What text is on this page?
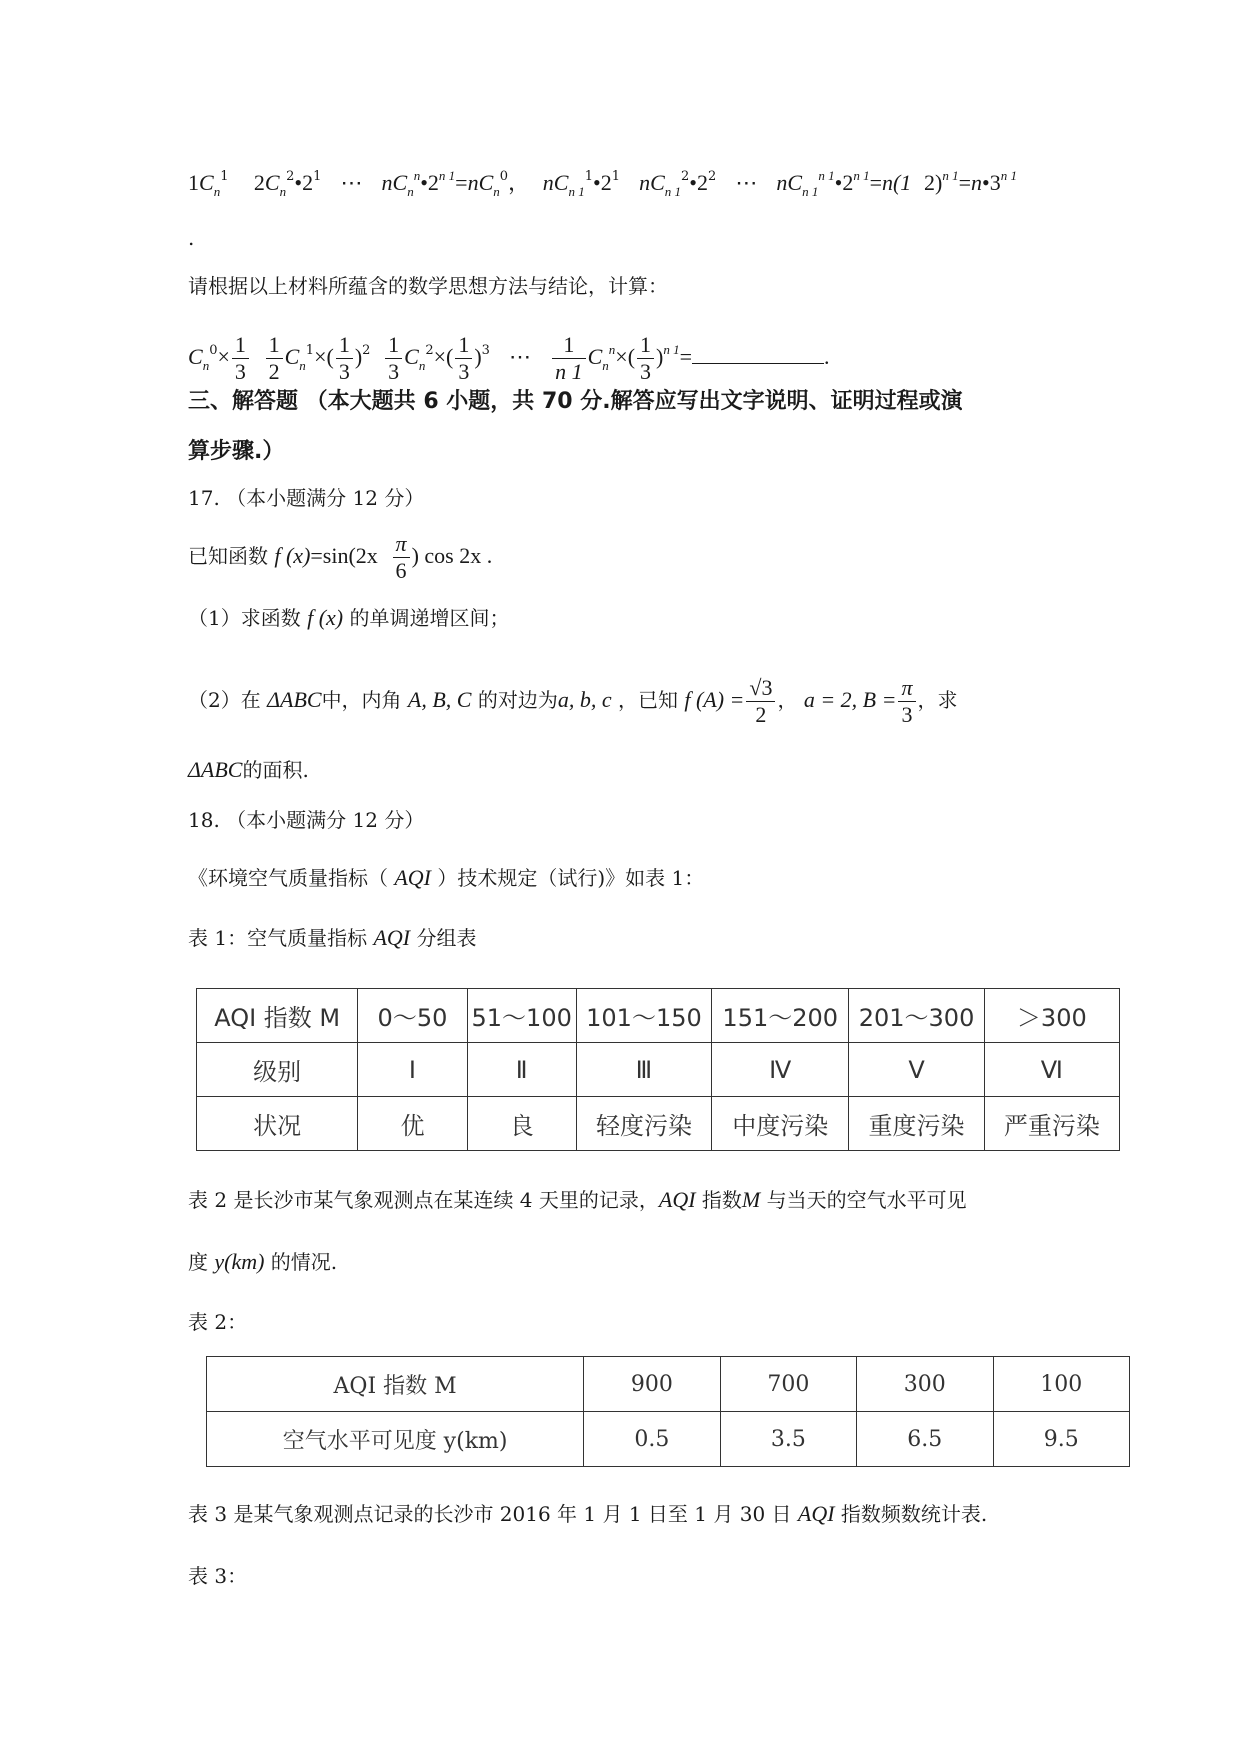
$1C_n^1$ $2C_n^2•2^1$ ⋯ $nC_n^n•2^{n 1}=nC_n^0$， $nC_{n 1}^1•2^1$ $nC_{n 1}^2•2^2$ ⋯ $nC_{n 1}^{n 1}•2^{n 1}=n(1$ $2)^{n 1}=n•3^{n 1}$
.
请根据以上材料所蕴含的数学思想方法与结论，计算：
$C_n^0\times \frac{1}{3}$
$\frac{1}{2} C_n^1\times( \frac{1}{3} )^2 \frac{1}{3} C_n^2\times( \frac{1}{3} )^3$ ⋯ $\frac{1}{n 1} C_n^n\times( \frac{1}{3} )^{n 1}=$	.
三、解答题 （本大题共 6 小题，共 70 分.解答应写出文字说明、证明过程或演
算步骤.）
17. （本小题满分 12 分）
已知函数 f $(x)=\sin(2x \frac{\pi}{6}$ ) cos 2x .
（1）求函数 f (x) 的单调递增区间；
（2）在 ΔABC中，内角 A, B, C 的对边为a, b, c ，已知 f $(A) = \frac{√3}{2}$ ， a = 2, $B = \frac{\pi}{3}$ ，求
ΔABC的面积.
18. （本小题满分 12 分）
《环境空气质量指标（ AQI ）技术规定（试行)》如表 1：
表 1：空气质量指标 AQI 分组表
AQI 指数 M	0～50	51～100	101～150	151～200	201～300	＞300
级别	Ⅰ	Ⅱ	Ⅲ	Ⅳ	Ⅴ	Ⅵ
状况	优	良	轻度污染	中度污染	重度污染	严重污染
表 2 是长沙市某气象观测点在某连续 4 天里的记录，AQI 指数M 与当天的空气水平可见
度 y(km) 的情况.
表 2：
AQI 指数 M	900	700	300	100
空气水平可见度 y(km)	0.5	3.5	6.5	9.5
表 3 是某气象观测点记录的长沙市 2016 年 1 月 1 日至 1 月 30 日 AQI 指数频数统计表.
表 3：
